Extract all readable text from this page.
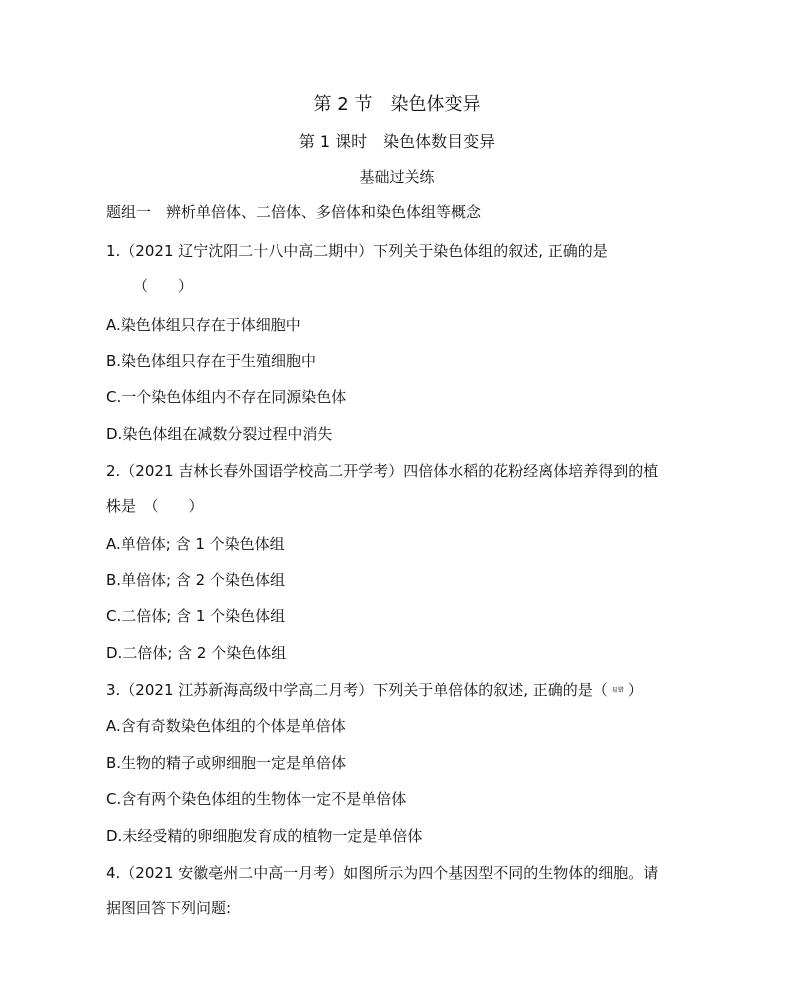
第 2 节　染色体变异
第 1 课时　染色体数目变异
基础过关练
题组一　辨析单倍体、二倍体、多倍体和染色体组等概念
1.（2021 辽宁沈阳二十八中高二期中）下列关于染色体组的叙述, 正确的是
（　　）
A.染色体组只存在于体细胞中
B.染色体组只存在于生殖细胞中
C.一个染色体组内不存在同源染色体
D.染色体组在减数分裂过程中消失
2.（2021 吉林长春外国语学校高二开学考）四倍体水稻的花粉经离体培养得到的植
株是　（　　）
A.单倍体; 含 1 个染色体组
B.单倍体; 含 2 个染色体组
C.二倍体; 含 1 个染色体组
D.二倍体; 含 2 个染色体组
3.（2021 江苏新海高级中学高二月考）下列关于单倍体的叙述, 正确的是（ 易错 ）
A.含有奇数染色体组的个体是单倍体
B.生物的精子或卵细胞一定是单倍体
C.含有两个染色体组的生物体一定不是单倍体
D.未经受精的卵细胞发育成的植物一定是单倍体
4.（2021 安徽亳州二中高一月考）如图所示为四个基因型不同的生物体的细胞。请
据图回答下列问题:
